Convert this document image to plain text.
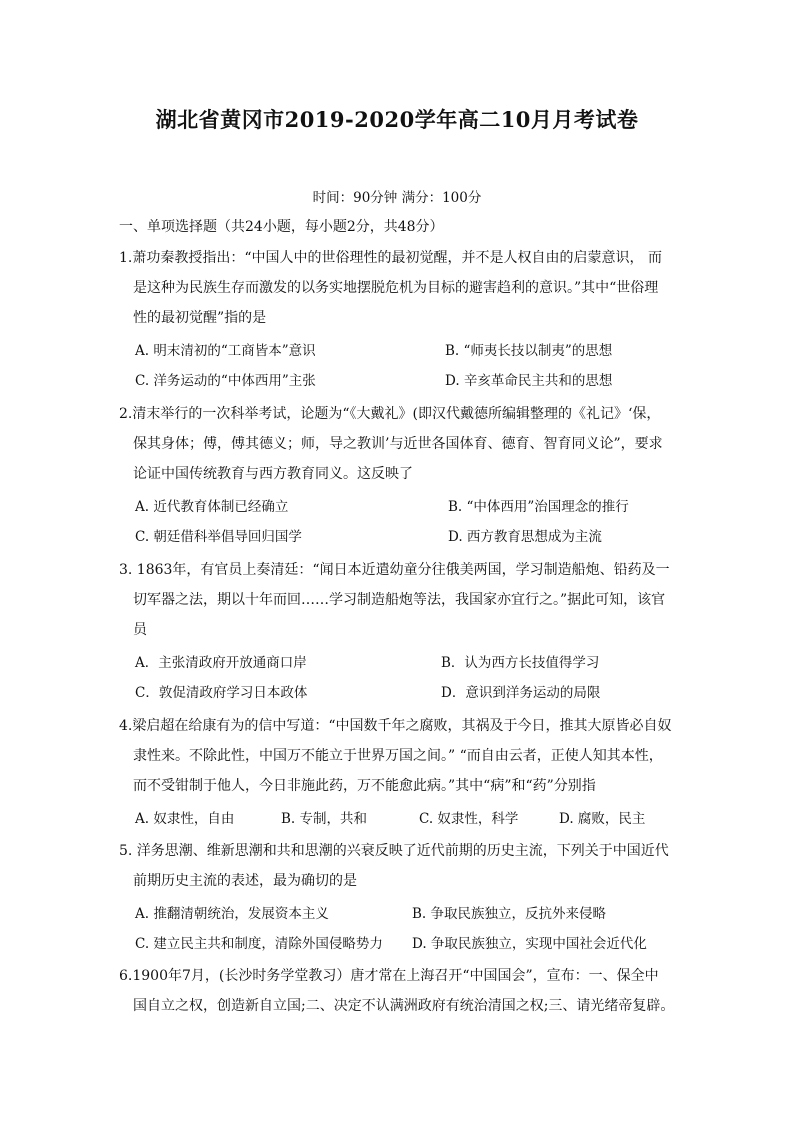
湖北省黄冈市2019-2020学年高二10月月考试卷
时间：90分钟 满分：100分
一、单项选择题（共24小题，每小题2分，共48分）
1.萧功秦教授指出：“中国人中的世俗理性的最初觉醒，并不是人权自由的启蒙意识， 而
是这种为民族生存而激发的以务实地摆脱危机为目标的避害趋利的意识。”其中“世俗理
性的最初觉醒”指的是
A. 明末清初的“工商皆本”意识	B. “师夷长技以制夷”的思想
C. 洋务运动的“中体西用”主张	D. 辛亥革命民主共和的思想
2.清末举行的一次科举考试，论题为“《大戴礼》(即汉代戴德所编辑整理的《礼记》‘保，
保其身体；傅，傅其德义；师，导之教训’与近世各国体育、德育、智育同义论”，要求
论证中国传统教育与西方教育同义。这反映了
A. 近代教育体制已经确立	B. “中体西用”治国理念的推行
C. 朝廷借科举倡导回归国学	D. 西方教育思想成为主流
3. 1863年，有官员上奏清廷：“闻日本近遣幼童分往俄美两国，学习制造船炮、铅药及一
切军器之法，期以十年而回……学习制造船炮等法，我国家亦宜行之。”据此可知，该官
员
A．主张清政府开放通商口岸	B．认为西方长技值得学习
C．敦促清政府学习日本政体	D．意识到洋务运动的局限
4.梁启超在给康有为的信中写道：“中国数千年之腐败，其祸及于今日，推其大原皆必自奴
隶性来。不除此性，中国万不能立于世界万国之间。” “而自由云者，正使人知其本性，
而不受钳制于他人，今日非施此药，万不能愈此病。”其中“病”和“药”分别指
A. 奴隶性，自由	B. 专制，共和	C. 奴隶性，科学	D. 腐败，民主
5. 洋务思潮、维新思潮和共和思潮的兴衰反映了近代前期的历史主流，下列关于中国近代
前期历史主流的表述，最为确切的是
A. 推翻清朝统治，发展资本主义	B. 争取民族独立，反抗外来侵略
C. 建立民主共和制度，清除外国侵略势力 D. 争取民族独立，实现中国社会近代化
6.1900年7月，(长沙时务学堂教习）唐才常在上海召开“中国国会”，宣布：一、保全中
国自立之权，创造新自立国;二、决定不认满洲政府有统治清国之权;三、请光绪帝复辟。
